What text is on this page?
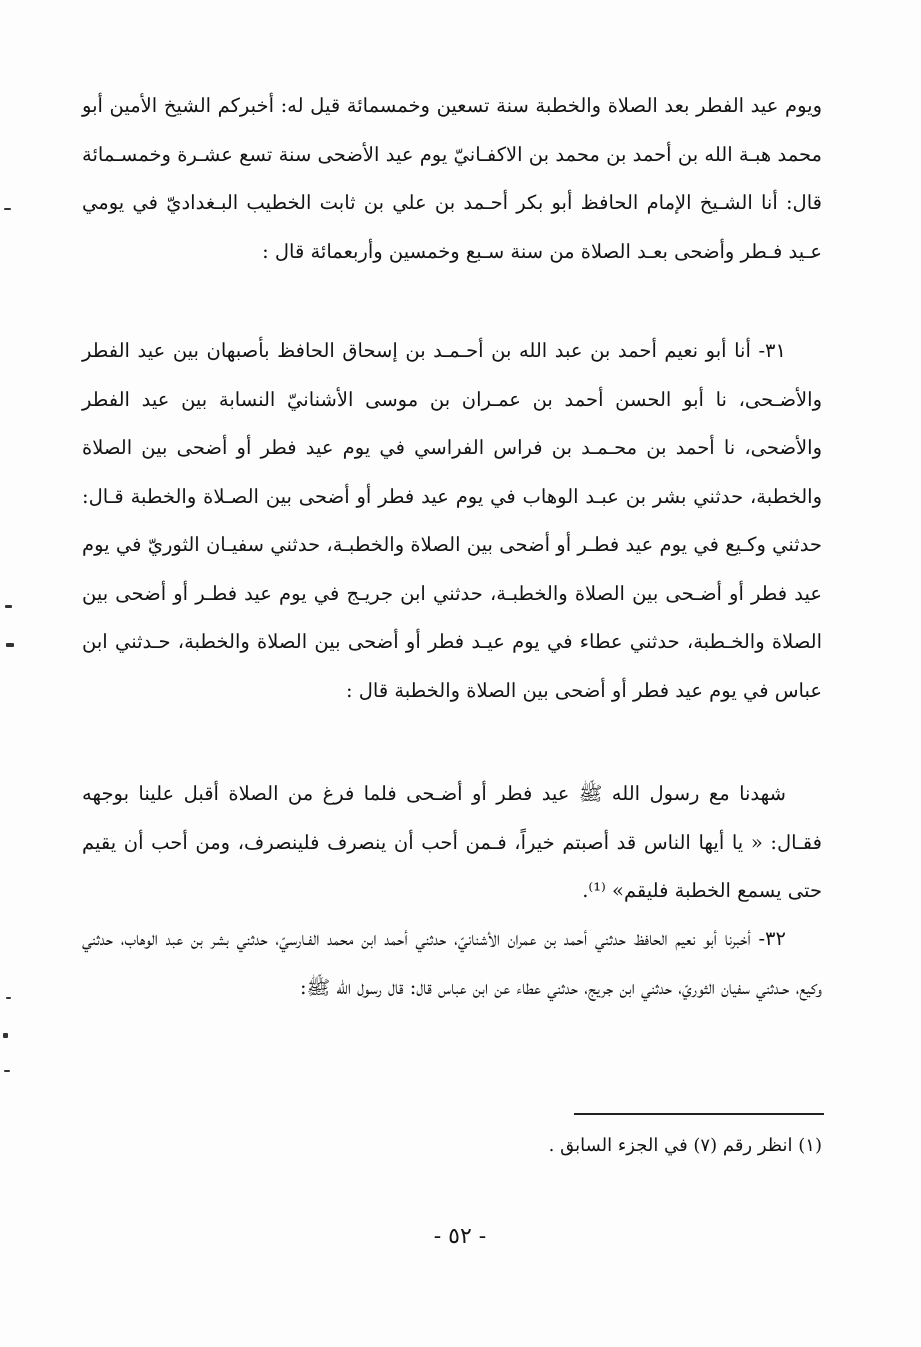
ويوم عيد الفطر بعد الصلاة والخطبة سنة تسعين وخمسمائة قيل له: أخبركم الشيخ الأمين أبو محمد هبـة الله بن أحمد بن محمد بن الاكفـانيّ يوم عيد الأضحى سنة تسع عشـرة وخمسـمائة قال: أنا الشـيخ الإمام الحافظ أبو بكر أحـمد بن علي بن ثابت الخطيب البـغداديّ في يومي عـيد فـطر وأضحى بعـد الصلاة من سنة سـبع وخمسين وأربعمائة قال :

٣١- أنا أبو نعيم أحمد بن عبد الله بن أحـمـد بن إسحاق الحافظ بأصبهان بين عيد الفطر والأضـحى، نا أبو الحسن أحمد بن عمـران بن موسى الأشنانيّ النسابة بين عيد الفطر والأضحى، نا أحمد بن محـمـد بن فراس الفراسي في يوم عيد فطر أو أضحى بين الصلاة والخطبة، حدثني بشر بن عبـد الوهاب في يوم عيد فطر أو أضحى بين الصـلاة والخطبة قـال: حدثني وكـيع في يوم عيد فطـر أو أضحى بين الصلاة والخطبـة، حدثني سفيـان الثوريّ في يوم عيد فطر أو أضـحى بين الصلاة والخطبـة، حدثني ابن جريـج في يوم عيد فطـر أو أضحى بين الصلاة والخـطبة، حدثني عطاء في يوم عيـد فطر أو أضحى بين الصلاة والخطبة، حـدثني ابن عباس في يوم عيد فطر أو أضحى بين الصلاة والخطبة قال :

شهدنا مع رسول الله ﷺ عيد فطر أو أضـحى فلما فرغ من الصلاة أقبل علينا بوجهه فقـال: « يا أيها الناس قد أصبتم خيراً، فـمن أحب أن ينصرف فلينصرف، ومن أحب أن يقيم حتى يسمع الخطبة فليقم» ⁽¹⁾.

٣٢- أخبرنا أبو نعيم الحافظ حدثني أحمد بن عمران الأشنانيّ، حدثني أحمد ابن محمد الفـارسيّ، حدثني بشر بن عبد الوهاب، حدثني وكيع، حـدثني سفيان الثوريّ، حدثني ابن جريج، حدثني عطاء عن ابن عباس قال: قال رسول الله ﷺ:

(١) انظر رقم (٧) في الجزء السابق .

- ٥٢ -
